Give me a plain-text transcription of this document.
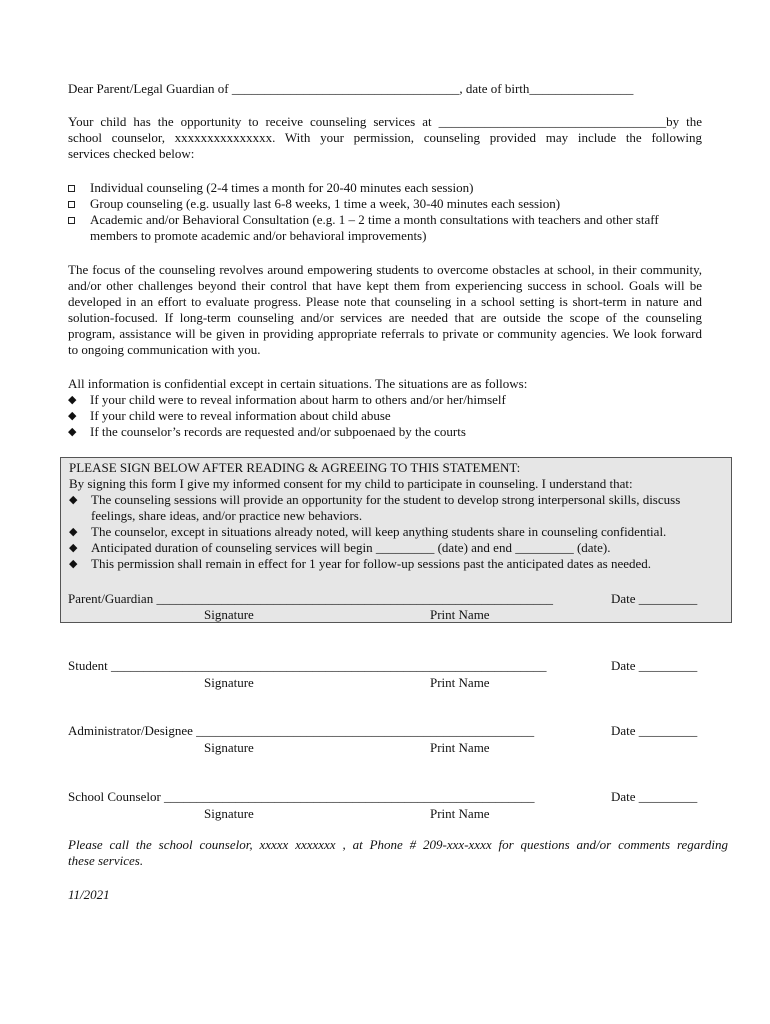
Dear Parent/Legal Guardian of ___________________________________, date of birth________________
Your child has the opportunity to receive counseling services at ___________________________________by the
school counselor, xxxxxxxxxxxxxxx. With your permission, counseling provided may include the following
services checked below:
Individual counseling (2-4 times a month for 20-40 minutes each session)
Group counseling (e.g. usually last 6-8 weeks, 1 time a week, 30-40 minutes each session)
Academic and/or Behavioral Consultation (e.g. 1 – 2 time a month consultations with teachers and other staff
members to promote academic and/or behavioral improvements)
The focus of the counseling revolves around empowering students to overcome obstacles at school, in their community,
and/or other challenges beyond their control that have kept them from experiencing success in school. Goals will be
developed in an effort to evaluate progress. Please note that counseling in a school setting is short-term in nature and
solution-focused. If long-term counseling and/or services are needed that are outside the scope of the counseling
program, assistance will be given in providing appropriate referrals to private or community agencies. We look forward
to ongoing communication with you.
All information is confidential except in certain situations. The situations are as follows:
◆	If your child were to reveal information about harm to others and/or her/himself
◆	If your child were to reveal information about child abuse
◆	If the counselor’s records are requested and/or subpoenaed by the courts
PLEASE SIGN BELOW AFTER READING & AGREEING TO THIS STATEMENT:
By signing this form I give my informed consent for my child to participate in counseling. I understand that:
◆	The counseling sessions will provide an opportunity for the student to develop strong interpersonal skills, discuss
feelings, share ideas, and/or practice new behaviors.
◆	The counselor, except in situations already noted, will keep anything students share in counseling confidential.
◆	Anticipated duration of counseling services will begin _________ (date) and end _________ (date).
◆	This permission shall remain in effect for 1 year for follow-up sessions past the anticipated dates as needed.
Parent/Guardian _____________________________________________________________	Date _________
Signature	Print Name
Student ___________________________________________________________________	Date _________
Signature	Print Name
Administrator/Designee ____________________________________________________	Date _________
Signature	Print Name
School Counselor _________________________________________________________	Date _________
Signature	Print Name
Please call the school counselor, xxxxx xxxxxxx , at Phone # 209-xxx-xxxx for questions and/or comments regarding
these services.
11/2021
